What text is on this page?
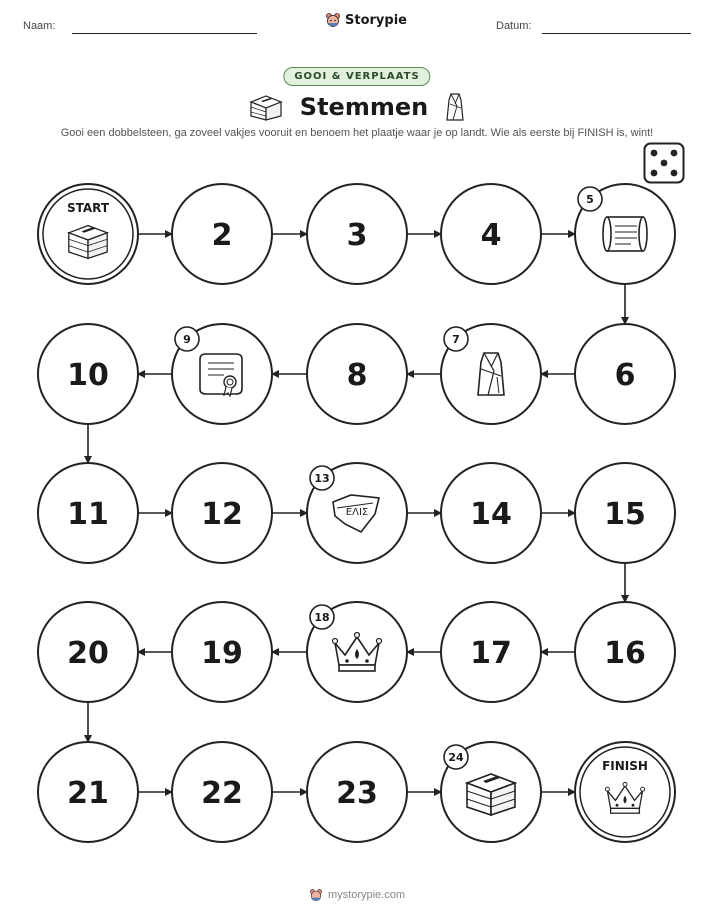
Naam:	Storypie	Datum:
GOOI & VERPLAATS
Stemmen
Gooi een dobbelsteen, ga zoveel vakjes vooruit en benoem het plaatje waar je op landt. Wie als eerste bij FINISH is, wint!
START
2	3	4
5
6
7
8
9
10
11	12	EΛIΣ
13
14	15
16
17
18
19
20
21	22	23
24
FINISH
mystorypie.com
